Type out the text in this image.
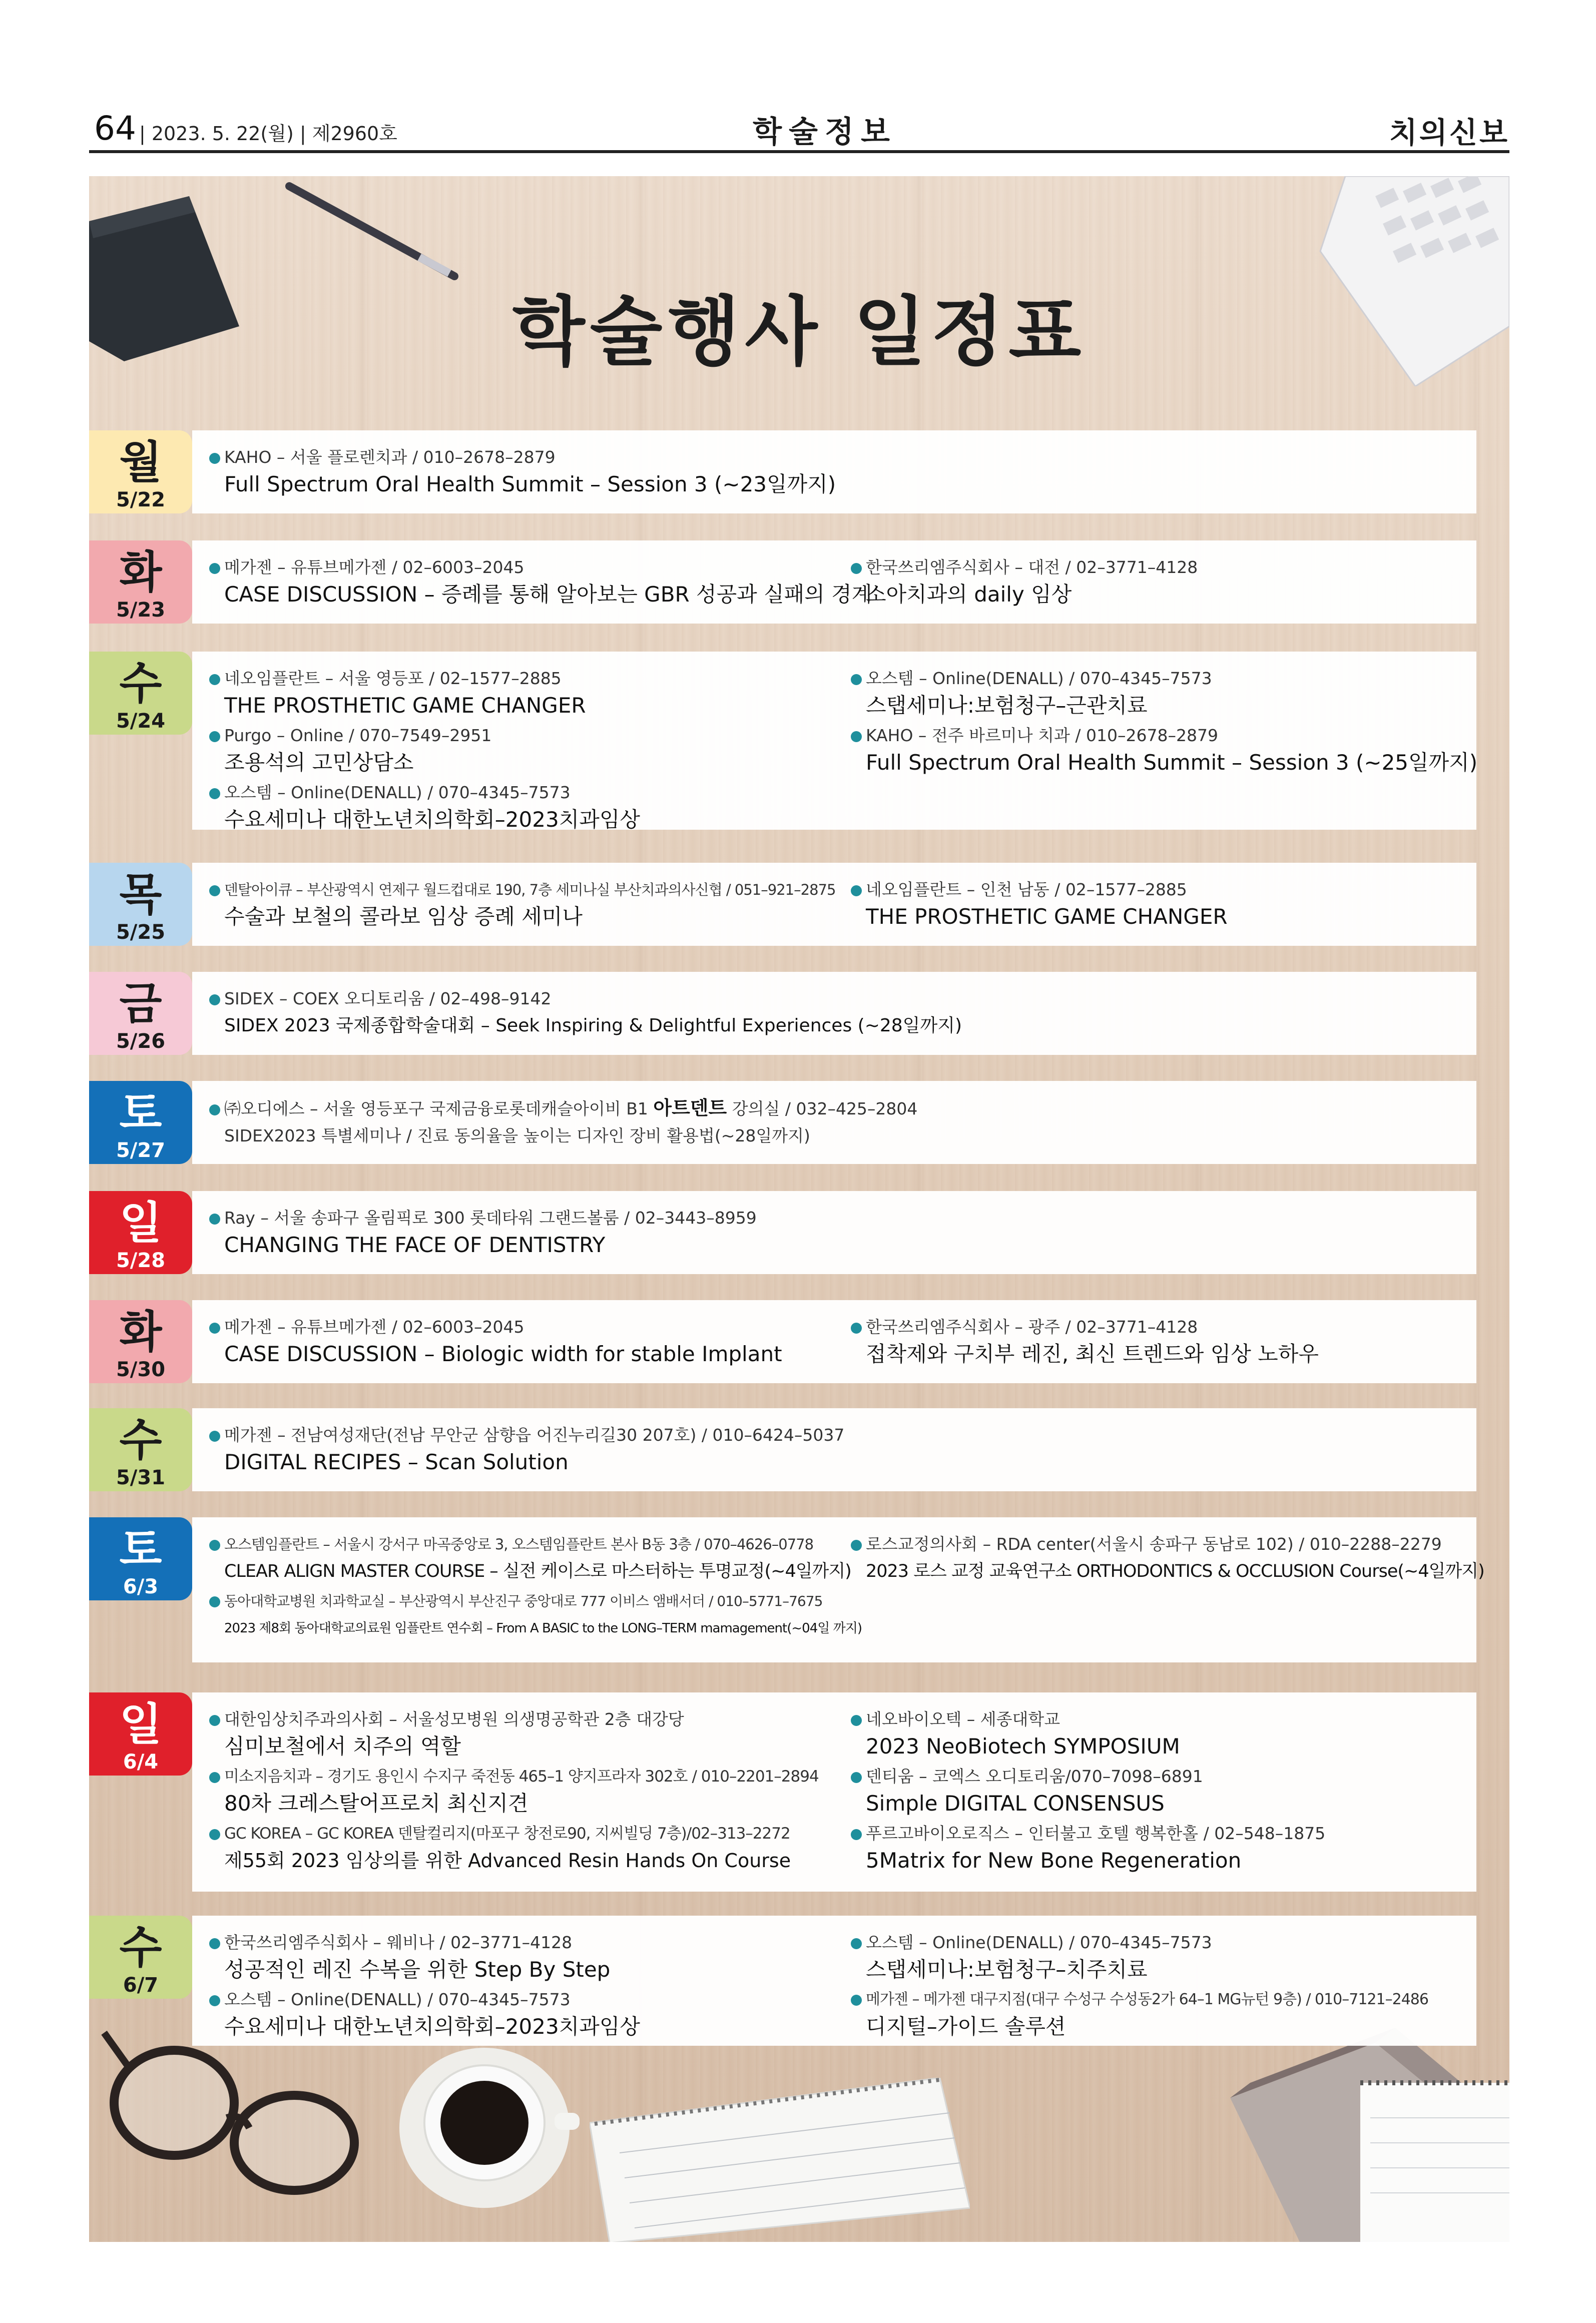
64 | 2023. 5. 22(월) | 제2960호	학술정보	치의신보
학술행사 일정표
월
5/22
KAHO – 서울 플로렌치과 / 010–2678–2879
Full Spectrum Oral Health Summit – Session 3 (~23일까지)
화
5/23
메가젠 – 유튜브메가젠 / 02–6003–2045
CASE DISCUSSION – 증례를 통해 알아보는 GBR 성공과 실패의 경계
한국쓰리엠주식회사 – 대전 / 02–3771–4128
소아치과의 daily 임상
수
5/24
네오임플란트 – 서울 영등포 / 02–1577–2885
THE PROSTHETIC GAME CHANGER
Purgo – Online / 070–7549–2951
조용석의 고민상담소
오스템 – Online(DENALL) / 070–4345–7573
수요세미나 대한노년치의학회–2023치과임상
오스템 – Online(DENALL) / 070–4345–7573
스탭세미나:보험청구–근관치료
KAHO – 전주 바르미나 치과 / 010–2678–2879
Full Spectrum Oral Health Summit – Session 3 (~25일까지)
목
5/25
덴탈아이큐 – 부산광역시 연제구 월드컵대로 190, 7층 세미나실 부산치과의사신협 / 051–921–2875
수술과 보철의 콜라보 임상 증례 세미나
네오임플란트 – 인천 남동 / 02–1577–2885
THE PROSTHETIC GAME CHANGER
금
5/26
SIDEX – COEX 오디토리움 / 02–498–9142
SIDEX 2023 국제종합학술대회 – Seek Inspiring & Delightful Experiences (~28일까지)
토
5/27
㈜오디에스 – 서울 영등포구 국제금융로롯데캐슬아이비 B1 아트덴트 강의실 / 032–425–2804
SIDEX2023 특별세미나 / 진료 동의율을 높이는 디자인 장비 활용법(~28일까지)
일
5/28
Ray – 서울 송파구 올림픽로 300 롯데타워 그랜드볼룸 / 02–3443–8959
CHANGING THE FACE OF DENTISTRY
화
5/30
메가젠 – 유튜브메가젠 / 02–6003–2045
CASE DISCUSSION – Biologic width for stable Implant
한국쓰리엠주식회사 – 광주 / 02–3771–4128
접착제와 구치부 레진, 최신 트렌드와 임상 노하우
수
5/31
메가젠 – 전남여성재단(전남 무안군 삼향읍 어진누리길30 207호) / 010–6424–5037
DIGITAL RECIPES – Scan Solution
토
6/3
오스템임플란트 – 서울시 강서구 마곡중앙로 3, 오스템임플란트 본사 B동 3층 / 070–4626–0778
CLEAR ALIGN MASTER COURSE – 실전 케이스로 마스터하는 투명교정(~4일까지)
동아대학교병원 치과학교실 – 부산광역시 부산진구 중앙대로 777 이비스 앰배서더 / 010–5771–7675
2023 제8회 동아대학교의료원 임플란트 연수회 – From A BASIC to the LONG–TERM mamagement(~04일 까지)
로스교정의사회 – RDA center(서울시 송파구 동남로 102) / 010–2288–2279
2023 로스 교정 교육연구소 ORTHODONTICS & OCCLUSION Course(~4일까지)
일
6/4
대한임상치주과의사회 – 서울성모병원 의생명공학관 2층 대강당
심미보철에서 치주의 역할
미소지음치과 – 경기도 용인시 수지구 죽전동 465–1 양지프라자 302호 / 010–2201–2894
80차 크레스탈어프로치 최신지견
GC KOREA – GC KOREA 덴탈컬리지(마포구 창전로90, 지씨빌딩 7층)/02–313–2272
제55회 2023 임상의를 위한 Advanced Resin Hands On Course
네오바이오텍 – 세종대학교
2023 NeoBiotech SYMPOSIUM
덴티움 – 코엑스 오디토리움/070–7098–6891
Simple DIGITAL CONSENSUS
푸르고바이오로직스 – 인터불고 호텔 행복한홀 / 02–548–1875
5Matrix for New Bone Regeneration
수
6/7
한국쓰리엠주식회사 – 웨비나 / 02–3771–4128
성공적인 레진 수복을 위한 Step By Step
오스템 – Online(DENALL) / 070–4345–7573
수요세미나 대한노년치의학회–2023치과임상
오스템 – Online(DENALL) / 070–4345–7573
스탭세미나:보험청구–치주치료
메가젠 – 메가젠 대구지점(대구 수성구 수성동2가 64–1 MG뉴턴 9층) / 010–7121–2486
디지털–가이드 솔루션
